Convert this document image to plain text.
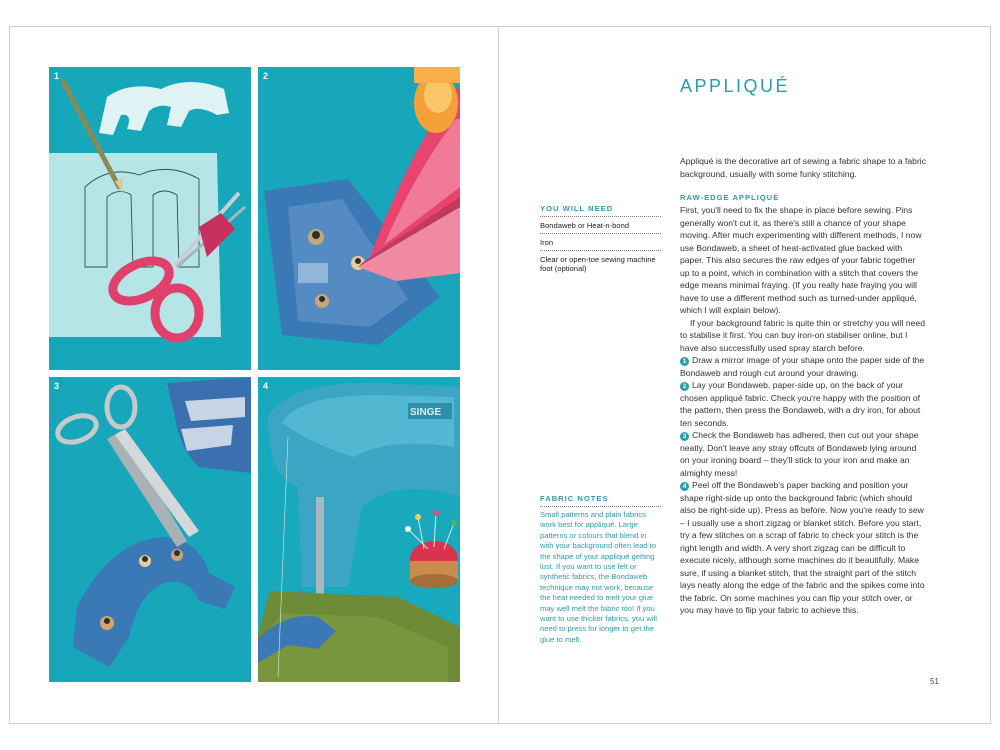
1	2
3
SINGE
4
APPLIQUÉ
YOU WILL NEED
Bondaweb or Heat-n-bond
Iron
Clear or open-toe sewing machine foot (optional)
FABRIC NOTES

Small patterns and plain fabrics work best for appliqué. Large patterns or colours that blend in with your background often lead to the shape of your appliqué getting lost. If you want to use felt or synthetic fabrics, the Bondaweb technique may not work, because the heat needed to melt your glue may well melt the fabric too! If you want to use thicker fabrics, you will need to press for longer to get the glue to melt.

Appliqué is the decorative art of sewing a fabric shape to a fabric background, usually with some funky stitching.

RAW-EDGE APPLIQUÉ

First, you'll need to fix the shape in place before sewing. Pins generally won't cut it, as there's still a chance of your shape moving. After much experimenting with different methods, I now use Bondaweb, a sheet of heat-activated glue backed with paper. This also secures the raw edges of your fabric together up to a point, which in combination with a stitch that covers the edge means minimal fraying. (If you really hate fraying you will have to use a different method such as turned-under appliqué, which I will explain below).

If your background fabric is quite thin or stretchy you will need to stabilise it first. You can buy iron-on stabiliser online, but I have also successfully used spray starch before.

1 Draw a mirror image of your shape onto the paper side of the Bondaweb and rough cut around your drawing.

2 Lay your Bondaweb, paper-side up, on the back of your chosen appliqué fabric. Check you're happy with the position of the pattern, then press the Bondaweb, with a dry iron, for about ten seconds.

3 Check the Bondaweb has adhered, then cut out your shape neatly. Don't leave any stray offcuts of Bondaweb lying around on your ironing board – they'll stick to your iron and make an almighty mess!

4 Peel off the Bondaweb's paper backing and position your shape right-side up onto the background fabric (which should also be right-side up). Press as before. Now you're ready to sew – I usually use a short zigzag or blanket stitch. Before you start, try a few stitches on a scrap of fabric to check your stitch is the right length and width. A very short zigzag can be difficult to execute nicely, although some machines do it beautifully. Make sure, if using a blanket stitch, that the straight part of the stitch lays neatly along the edge of the fabric and the spikes come into the fabric. On some machines you can flip your stitch over, or you may have to flip your fabric to achieve this.

51
